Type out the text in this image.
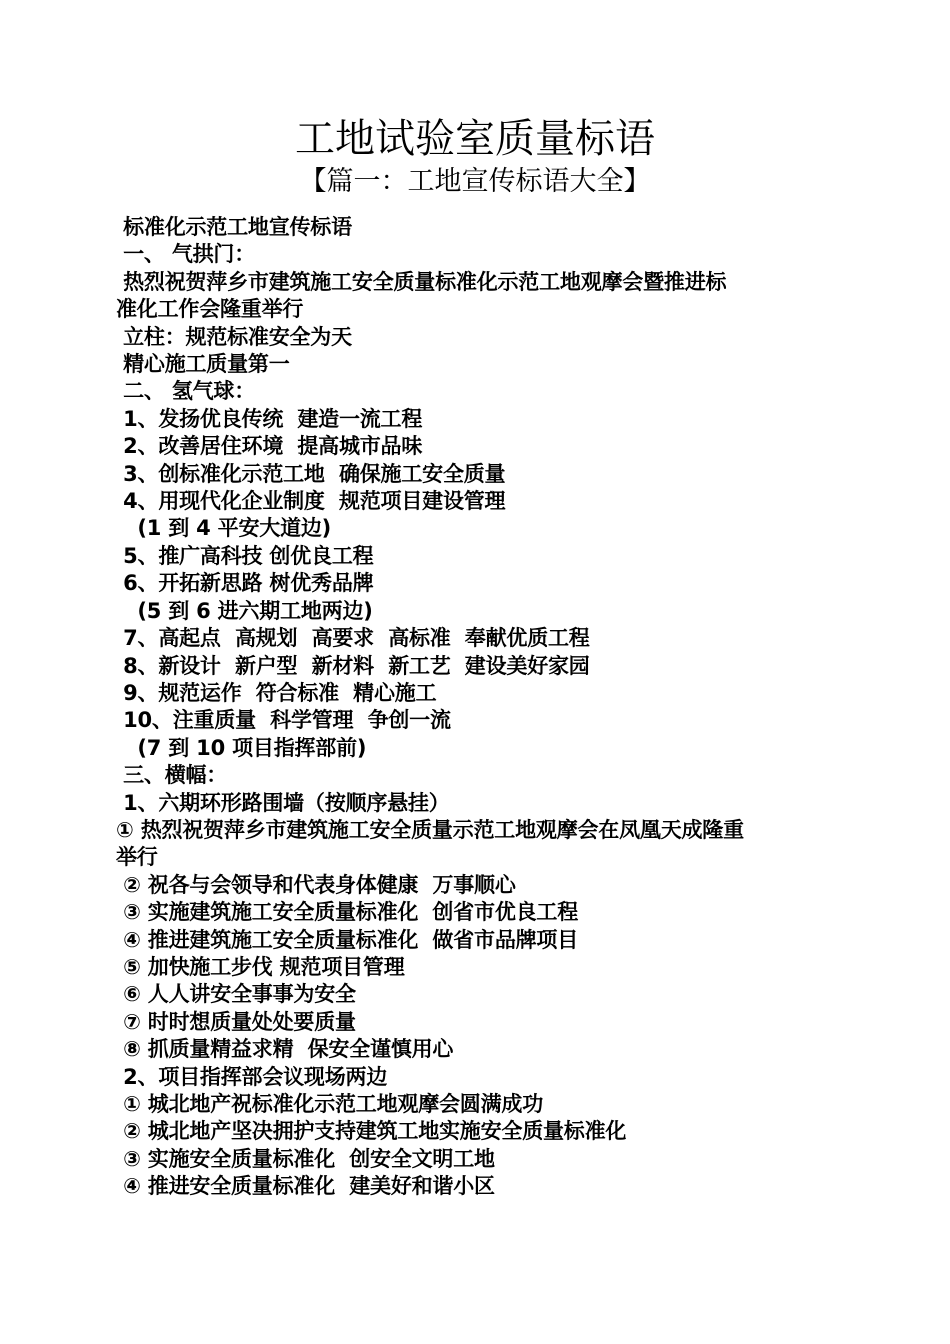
工地试验室质量标语
【篇一：工地宣传标语大全】
标准化示范工地宣传标语
一、 气拱门：
热烈祝贺萍乡市建筑施工安全质量标准化示范工地观摩会暨推进标
准化工作会隆重举行
立柱：规范标准安全为天
精心施工质量第一
二、 氢气球：
1、发扬优良传统  建造一流工程
2、改善居住环境  提高城市品味
3、创标准化示范工地  确保施工安全质量
4、用现代化企业制度  规范项目建设管理
(1 到 4 平安大道边)
5、推广高科技 创优良工程
6、开拓新思路 树优秀品牌
(5 到 6 进六期工地两边)
7、高起点  高规划  高要求  高标准  奉献优质工程
8、新设计  新户型  新材料  新工艺  建设美好家园
9、规范运作  符合标准  精心施工
10、注重质量  科学管理  争创一流
(7 到 10 项目指挥部前)
三、横幅：
1、六期环形路围墙（按顺序悬挂）
① 热烈祝贺萍乡市建筑施工安全质量示范工地观摩会在凤凰天成隆重
举行
② 祝各与会领导和代表身体健康  万事顺心
③ 实施建筑施工安全质量标准化  创省市优良工程
④ 推进建筑施工安全质量标准化  做省市品牌项目
⑤ 加快施工步伐 规范项目管理
⑥ 人人讲安全事事为安全
⑦ 时时想质量处处要质量
⑧ 抓质量精益求精  保安全谨慎用心
2、项目指挥部会议现场两边
① 城北地产祝标准化示范工地观摩会圆满成功
② 城北地产坚决拥护支持建筑工地实施安全质量标准化
③ 实施安全质量标准化  创安全文明工地
④ 推进安全质量标准化  建美好和谐小区
